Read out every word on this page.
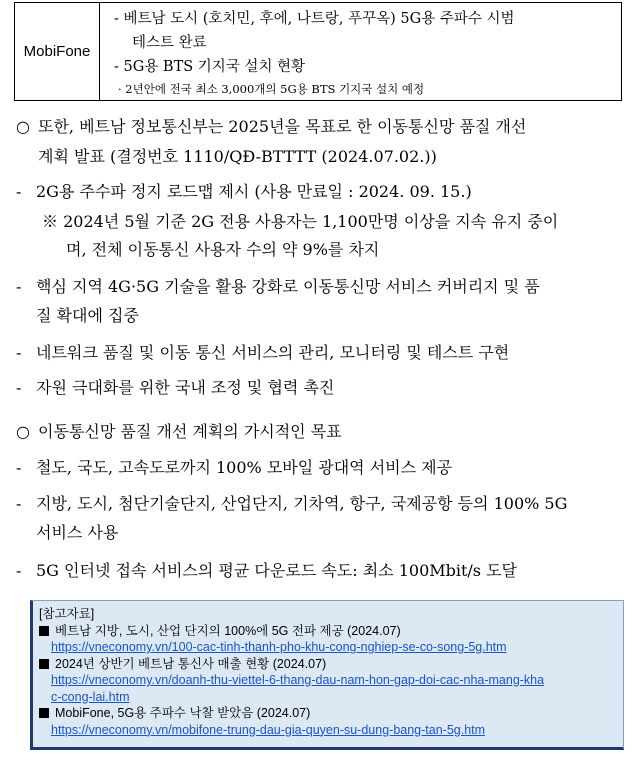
MobiFone
- 베트남 도시 (호치민, 후에, 나트랑, 푸꾸옥) 5G용 주파수 시범
테스트 완료
- 5G용 BTS 기지국 설치 현황
· 2년안에 전국 최소 3,000개의 5G용 BTS 기지국 설치 예정
○ 또한, 베트남 정보통신부는 2025년을 목표로 한 이동통신망 품질 개선
계획 발표 (결정번호 1110/QĐ-BTTTT (2024.07.02.))
- 2G용 주수파 정지 로드맵 제시 (사용 만료일 : 2024. 09. 15.)
※ 2024년 5월 기준 2G 전용 사용자는 1,100만명 이상을 지속 유지 중이
며, 전체 이동통신 사용자 수의 약 9%를 차지
- 핵심 지역 4G·5G 기술을 활용 강화로 이동통신망 서비스 커버리지 및 품
질 확대에 집중
- 네트워크 품질 및 이동 통신 서비스의 관리, 모니터링 및 테스트 구현
- 자원 극대화를 위한 국내 조정 및 협력 촉진
○ 이동통신망 품질 개선 계획의 가시적인 목표
- 철도, 국도, 고속도로까지 100% 모바일 광대역 서비스 제공
- 지방, 도시, 첨단기술단지, 산업단지, 기차역, 항구, 국제공항 등의 100% 5G
서비스 사용
- 5G 인터넷 접속 서비스의 평균 다운로드 속도: 최소 100Mbit/s 도달
[참고자료]
베트남 지방, 도시, 산업 단지의 100%에 5G 전파 제공 (2024.07)
https://vneconomy.vn/100-cac-tinh-thanh-pho-khu-cong-nghiep-se-co-song-5g.htm
2024년 상반기 베트남 통신사 매출 현황 (2024.07)
https://vneconomy.vn/doanh-thu-viettel-6-thang-dau-nam-hon-gap-doi-cac-nha-mang-kha
c-cong-lai.htm
MobiFone, 5G용 주파수 낙찰 받았음 (2024.07)
https://vneconomy.vn/mobifone-trung-dau-gia-quyen-su-dung-bang-tan-5g.htm
